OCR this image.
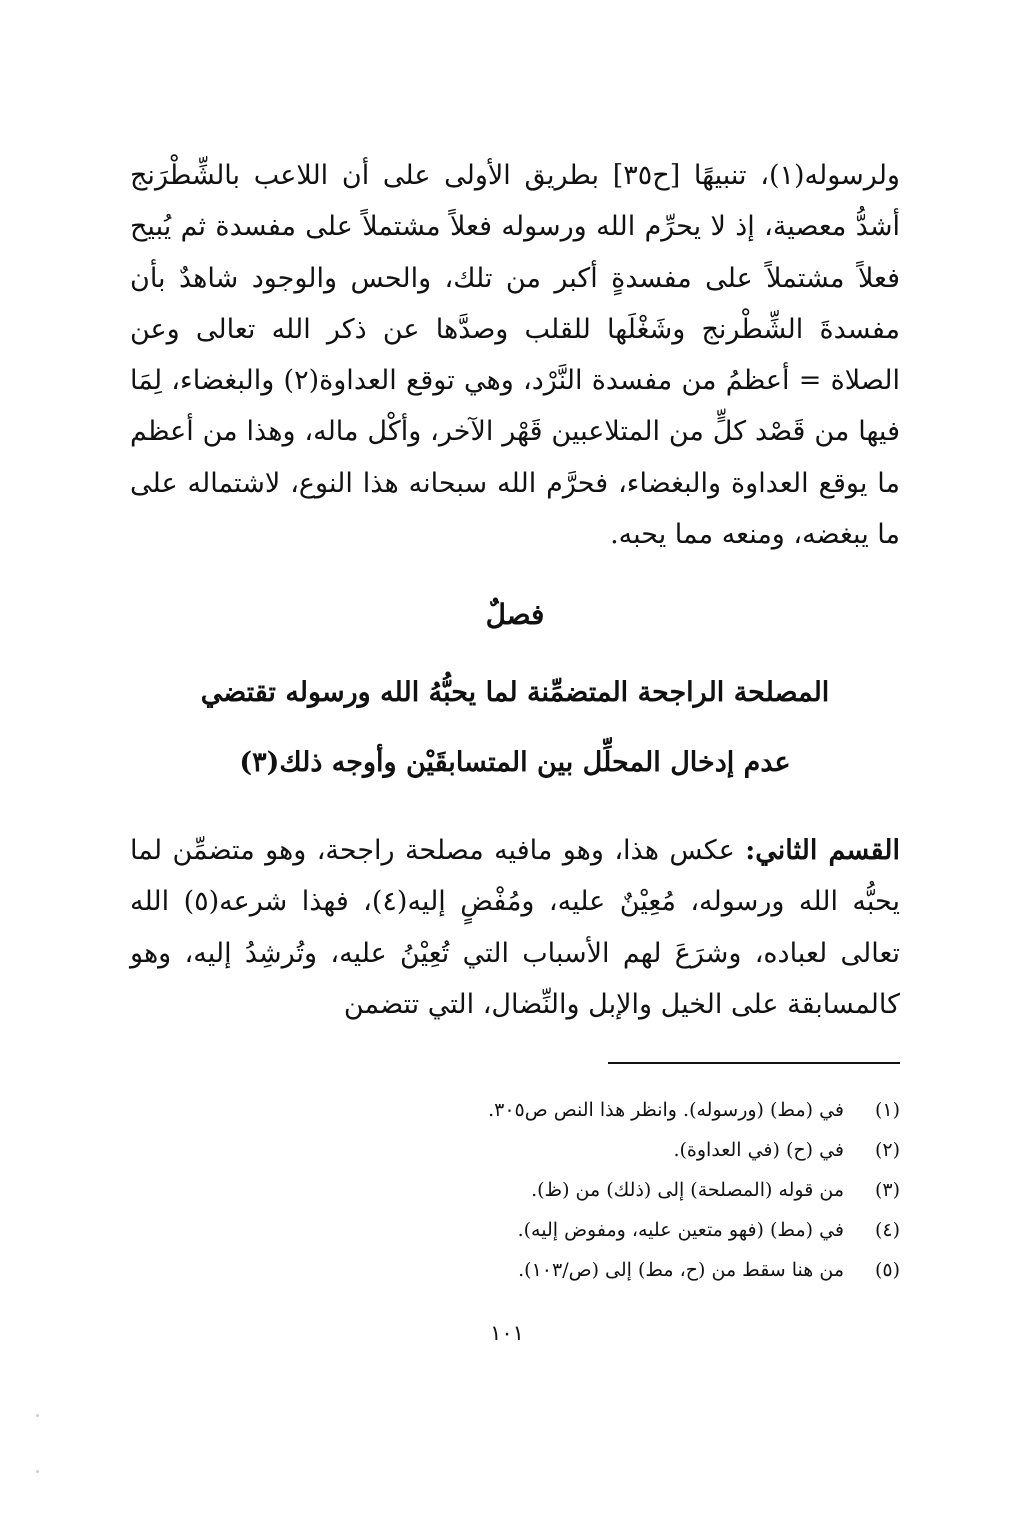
ولرسوله(١)، تنبيهًا [ح٣٥] بطريق الأولى على أن اللاعب بالشِّطْرَنج أشدُّ معصية، إذ لا يحرِّم الله ورسوله فعلاً مشتملاً على مفسدة ثم يُبيح فعلاً مشتملاً على مفسدةٍ أكبر من تلك، والحس والوجود شاهدٌ بأن مفسدةَ الشِّطْرنج وشَغْلَها للقلب وصدَّها عن ذكر الله تعالى وعن الصلاة = أعظمُ من مفسدة النَّرْد، وهي توقع العداوة(٢) والبغضاء، لِمَا فيها من قَصْد كلٍّ من المتلاعبين قَهْر الآخر، وأكْل ماله، وهذا من أعظم ما يوقع العداوة والبغضاء، فحرَّم الله سبحانه هذا النوع، لاشتماله على ما يبغضه، ومنعه مما يحبه.

فصلٌ
المصلحة الراجحة المتضمِّنة لما يحبُّهُ الله ورسوله تقتضي
عدم إدخال المحلِّل بين المتسابقَيْن وأوجه ذلك(٣)

القسم الثاني: عكس هذا، وهو مافيه مصلحة راجحة، وهو متضمِّن لما يحبُّه الله ورسوله، مُعِيْنٌ عليه، ومُفْضٍ إليه(٤)، فهذا شرعه(٥) الله تعالى لعباده، وشرَعَ لهم الأسباب التي تُعِيْنُ عليه، وتُرشِدُ إليه، وهو كالمسابقة على الخيل والإبل والنِّضال، التي تتضمن

(١)
في (مط) (ورسوله). وانظر هذا النص ص٣٠٥.
(٢)
في (ح) (في العداوة).
(٣)
من قوله (المصلحة) إلى (ذلك) من (ظ).
(٤)
في (مط) (فهو متعين عليه، ومفوض إليه).
(٥)
من هنا سقط من (ح، مط) إلى (ص/١٠٣).
١٠١
